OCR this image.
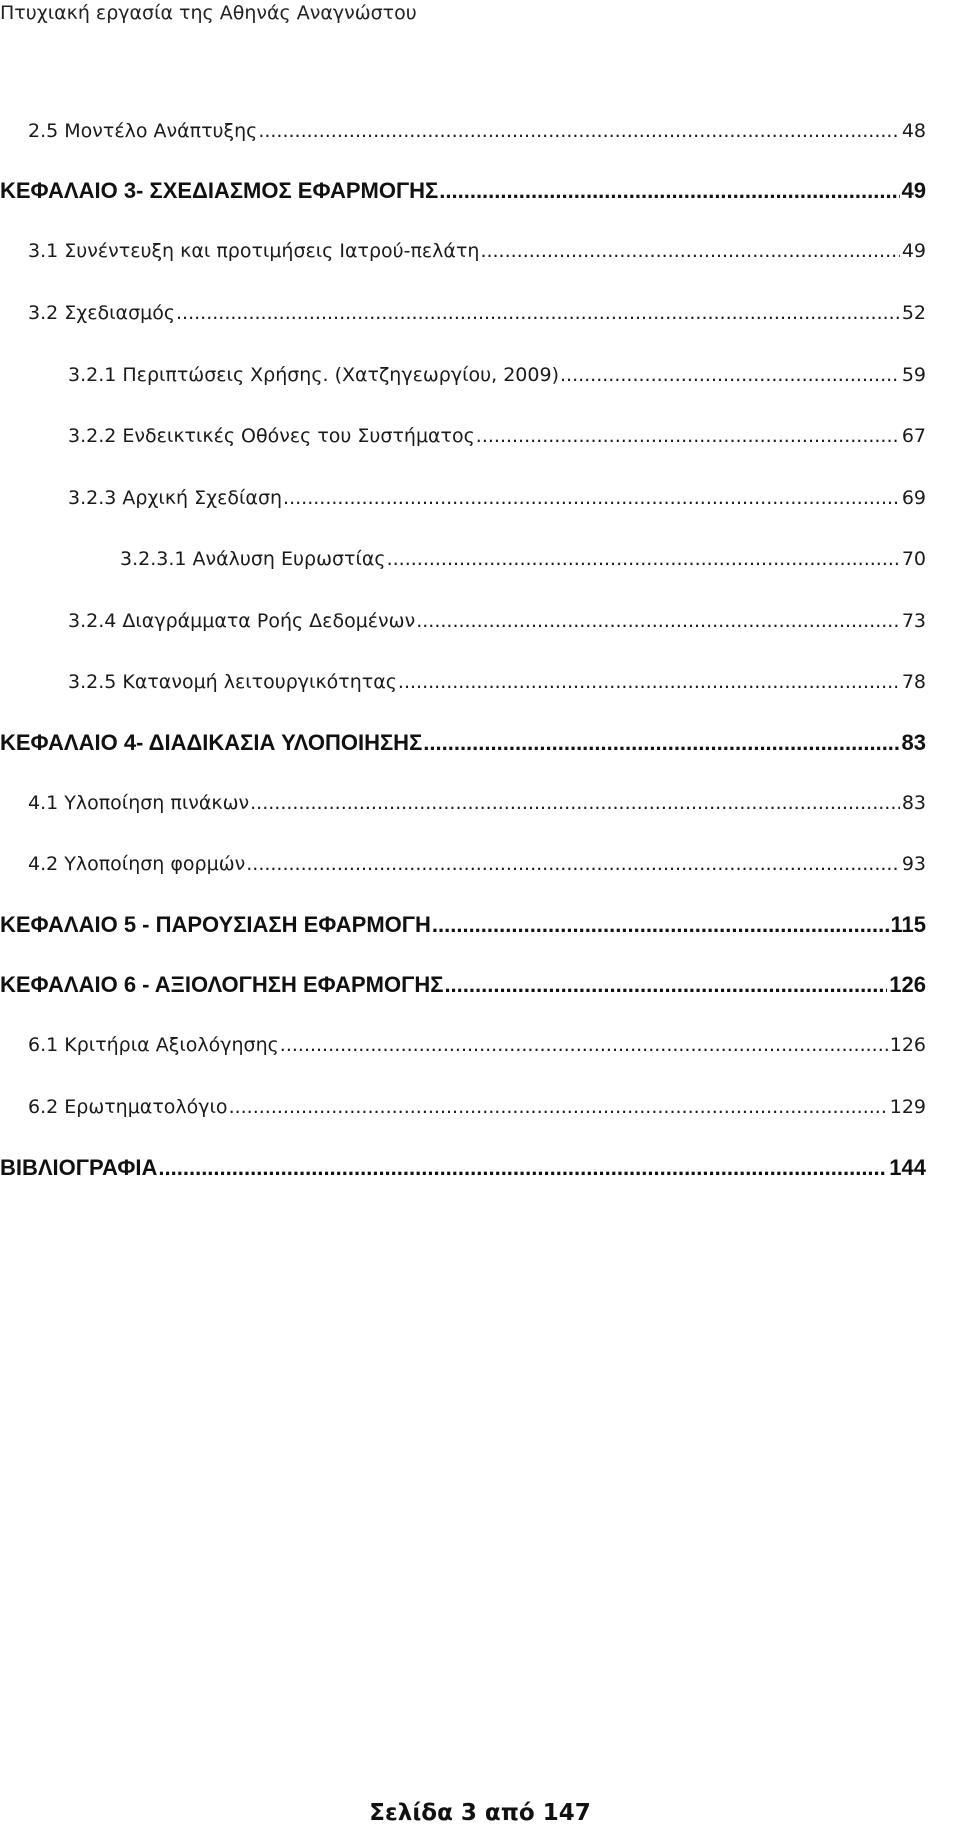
Πτυχιακή εργασία της Αθηνάς Αναγνώστου
2.5 Μοντέλο Ανάπτυξης .....	48
ΚΕΦΑΛΑΙΟ 3- ΣΧΕΔΙΑΣΜΟΣ ΕΦΑΡΜΟΓΗΣ .....	49
3.1 Συνέντευξη και προτιμήσεις Ιατρού-πελάτη .....	49
3.2 Σχεδιασμός .....	52
3.2.1 Περιπτώσεις Χρήσης. (Χατζηγεωργίου, 2009) .....	59
3.2.2 Ενδεικτικές Οθόνες του Συστήματος .....	67
3.2.3 Αρχική Σχεδίαση .....	69
3.2.3.1 Ανάλυση Ευρωστίας .....	70
3.2.4 Διαγράμματα Ροής Δεδομένων .....	73
3.2.5 Κατανομή λειτουργικότητας .....	78
ΚΕΦΑΛΑΙΟ 4- ΔΙΑΔΙΚΑΣΙΑ ΥΛΟΠΟΙΗΣΗΣ .....	83
4.1 Υλοποίηση πινάκων .....	83
4.2 Υλοποίηση φορμών .....	93
ΚΕΦΑΛΑΙΟ 5 - ΠΑΡΟΥΣΙΑΣΗ ΕΦΑΡΜΟΓΗ .....	115
ΚΕΦΑΛΑΙΟ 6 - ΑΞΙΟΛΟΓΗΣΗ ΕΦΑΡΜΟΓΗΣ .....	126
6.1 Κριτήρια Αξιολόγησης .....	126
6.2 Ερωτηματολόγιο .....	129
ΒΙΒΛΙΟΓΡΑΦΙΑ .....	144
Σελίδα 3 από 147
